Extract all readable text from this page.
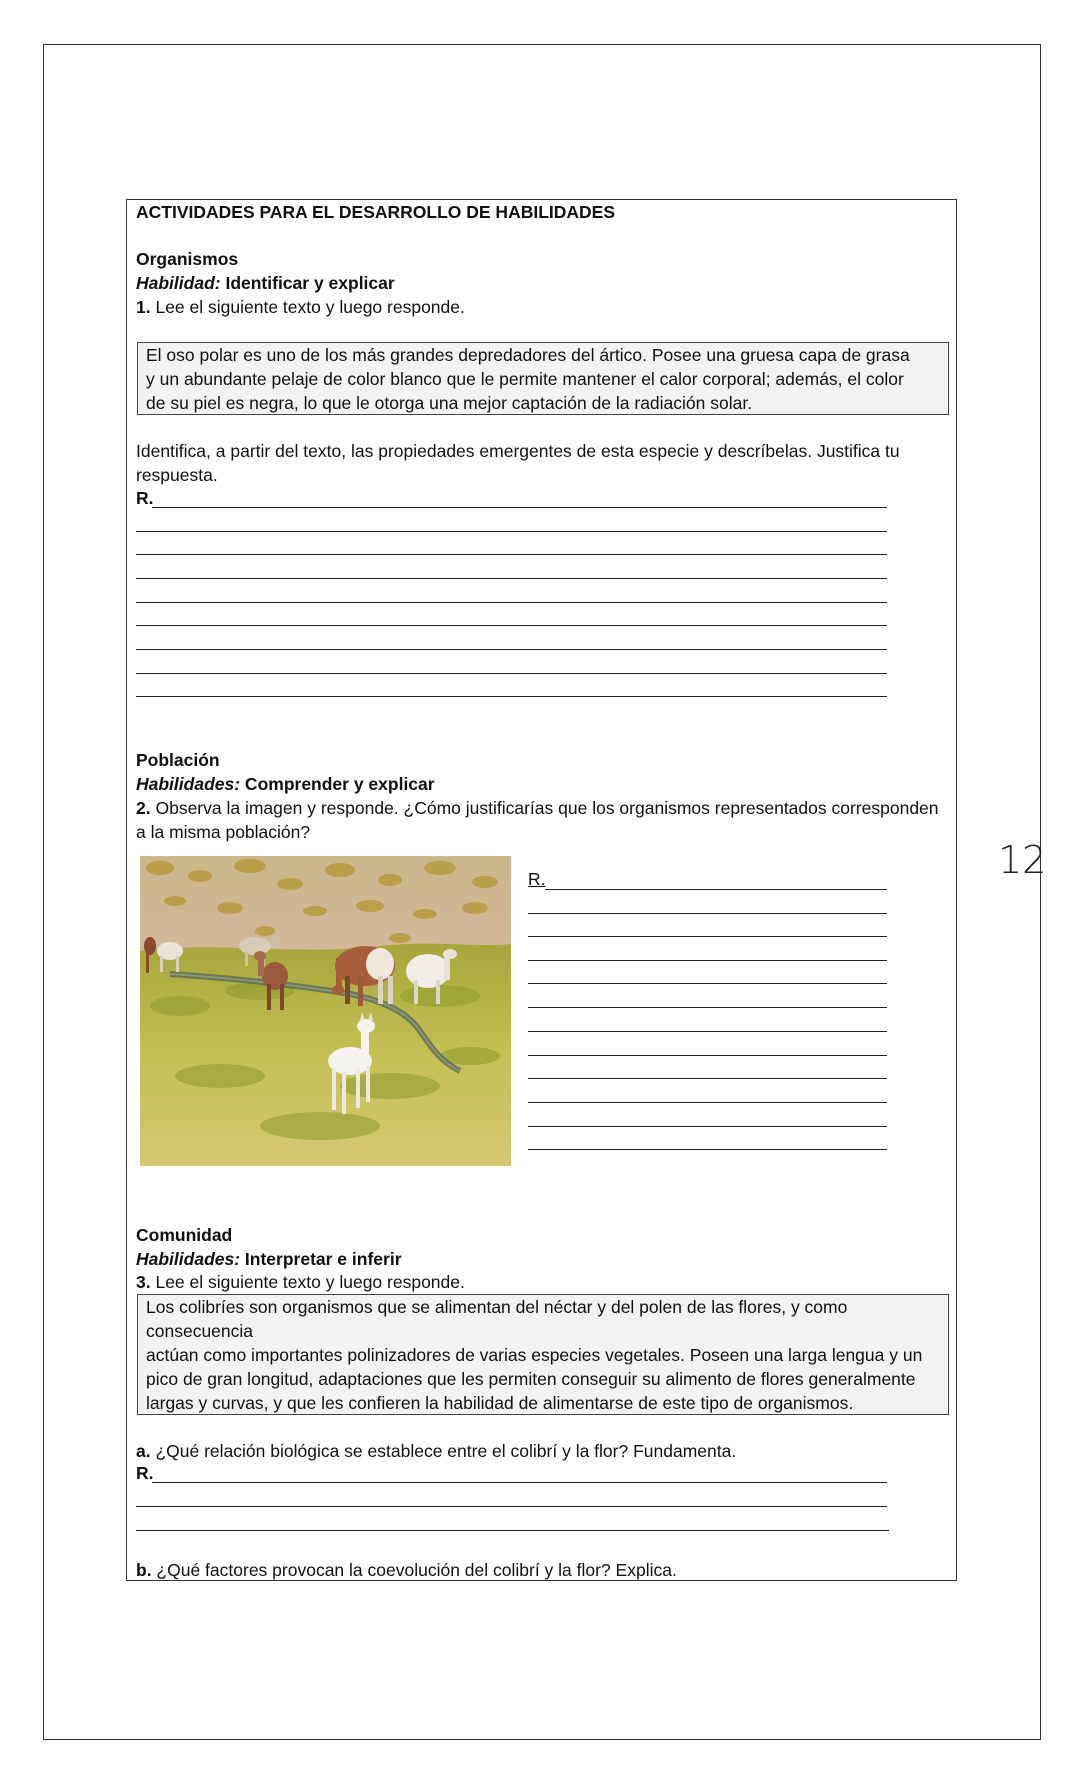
12
ACTIVIDADES PARA EL DESARROLLO DE HABILIDADES
Organismos
Habilidad: Identificar y explicar
1. Lee el siguiente texto y luego responde.
El oso polar es uno de los más grandes depredadores del ártico. Posee una gruesa capa de grasa
y un abundante pelaje de color blanco que le permite mantener el calor corporal; además, el color
de su piel es negra, lo que le otorga una mejor captación de la radiación solar.
Identifica, a partir del texto, las propiedades emergentes de esta especie y descríbelas. Justifica tu
respuesta.
R.
Población
Habilidades: Comprender y explicar
2. Observa la imagen y responde. ¿Cómo justificarías que los organismos representados corresponden
a la misma población?
R.
Comunidad
Habilidades: Interpretar e inferir
3. Lee el siguiente texto y luego responde.
Los colibríes son organismos que se alimentan del néctar y del polen de las flores, y como
consecuencia
actúan como importantes polinizadores de varias especies vegetales. Poseen una larga lengua y un
pico de gran longitud, adaptaciones que les permiten conseguir su alimento de flores generalmente
largas y curvas, y que les confieren la habilidad de alimentarse de este tipo de organismos.
a. ¿Qué relación biológica se establece entre el colibrí y la flor? Fundamenta.
R.
b. ¿Qué factores provocan la coevolución del colibrí y la flor? Explica.
